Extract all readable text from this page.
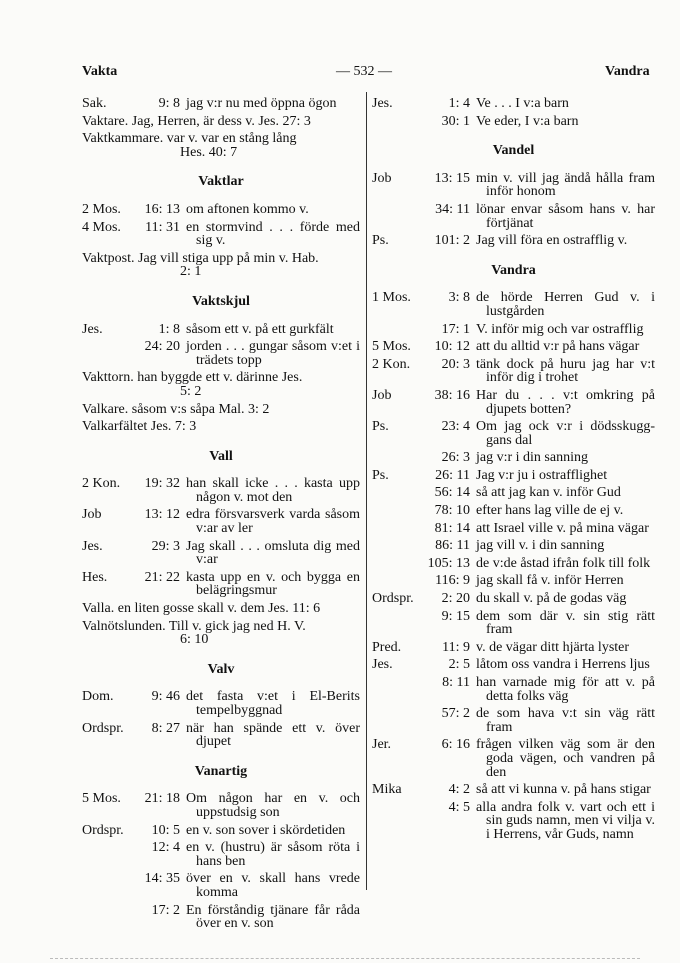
Vakta	— 532 —	Vandra
Sak.	9: 8 jag v:r nu med öppna ögon
Vaktare. Jag, Herren, är dess v. Jes. 27: 3
Vaktkammare. var v. var en stång lång
Hes. 40: 7
Vaktlar
2 Mos.	16: 13 om aftonen kommo v.
4 Mos.	11: 31 en stormvind . . . förde med sig v.
Vaktpost. Jag vill stiga upp på min v. Hab.
2: 1
Vaktskjul
Jes.	1: 8 såsom ett v. på ett gurkfält
24: 20 jorden . . . gungar såsom v:et i trädets topp
Vakttorn. han byggde ett v. därinne Jes.
5: 2
Valkare. såsom v:s såpa Mal. 3: 2
Valkarfältet Jes. 7: 3
Vall
2 Kon.	19: 32 han skall icke . . . kasta upp någon v. mot den
Job	13: 12 edra försvarsverk varda såsom v:ar av ler
Jes.	29: 3 Jag skall . . . omsluta dig med v:ar
Hes.	21: 22 kasta upp en v. och bygga en belägringsmur
Valla. en liten gosse skall v. dem Jes. 11: 6
Valnötslunden. Till v. gick jag ned H. V.
6: 10
Valv
Dom.	9: 46 det fasta v:et i El-Berits tempelbyggnad
Ordspr.	8: 27 när han spände ett v. över djupet
Vanartig
5 Mos.	21: 18 Om någon har en v. och uppstudsig son
Ordspr.	10: 5 en v. son sover i skördetiden
12: 4 en v. (hustru) är såsom röta i hans ben
14: 35 över en v. skall hans vrede komma
17: 2 En förståndig tjänare får råda över en v. son
Jes.	1: 4 Ve . . . I v:a barn
30: 1 Ve eder, I v:a barn
Vandel
Job	13: 15 min v. vill jag ändå hålla fram inför honom
34: 11 lönar envar såsom hans v. har förtjänat
Ps.	101: 2 Jag vill föra en ostrafflig v.
Vandra
1 Mos.	3: 8 de hörde Herren Gud v. i lustgården
17: 1 V. inför mig och var ostrafflig
5 Mos.	10: 12 att du alltid v:r på hans vägar
2 Kon.	20: 3 tänk dock på huru jag har v:t inför dig i trohet
Job	38: 16 Har du . . . v:t omkring på djupets botten?
Ps.	23: 4 Om jag ock v:r i dödsskugg-gans dal
26: 3 jag v:r i din sanning
Ps.	26: 11 Jag v:r ju i ostrafflighet
56: 14 så att jag kan v. inför Gud
78: 10 efter hans lag ville de ej v.
81: 14 att Israel ville v. på mina vägar
86: 11 jag vill v. i din sanning
105: 13 de v:de åstad ifrån folk till folk
116: 9 jag skall få v. inför Herren
Ordspr.	2: 20 du skall v. på de godas väg
9: 15 dem som där v. sin stig rätt fram
Pred.	11: 9 v. de vägar ditt hjärta lyster
Jes.	2: 5 låtom oss vandra i Herrens ljus
8: 11 han varnade mig för att v. på detta folks väg
57: 2 de som hava v:t sin väg rätt fram
Jer.	6: 16 frågen vilken väg som är den goda vägen, och vandren på den
Mika	4: 2 så att vi kunna v. på hans stigar
4: 5 alla andra folk v. vart och ett i sin guds namn, men vi vilja v. i Herrens, vår Guds, namn
